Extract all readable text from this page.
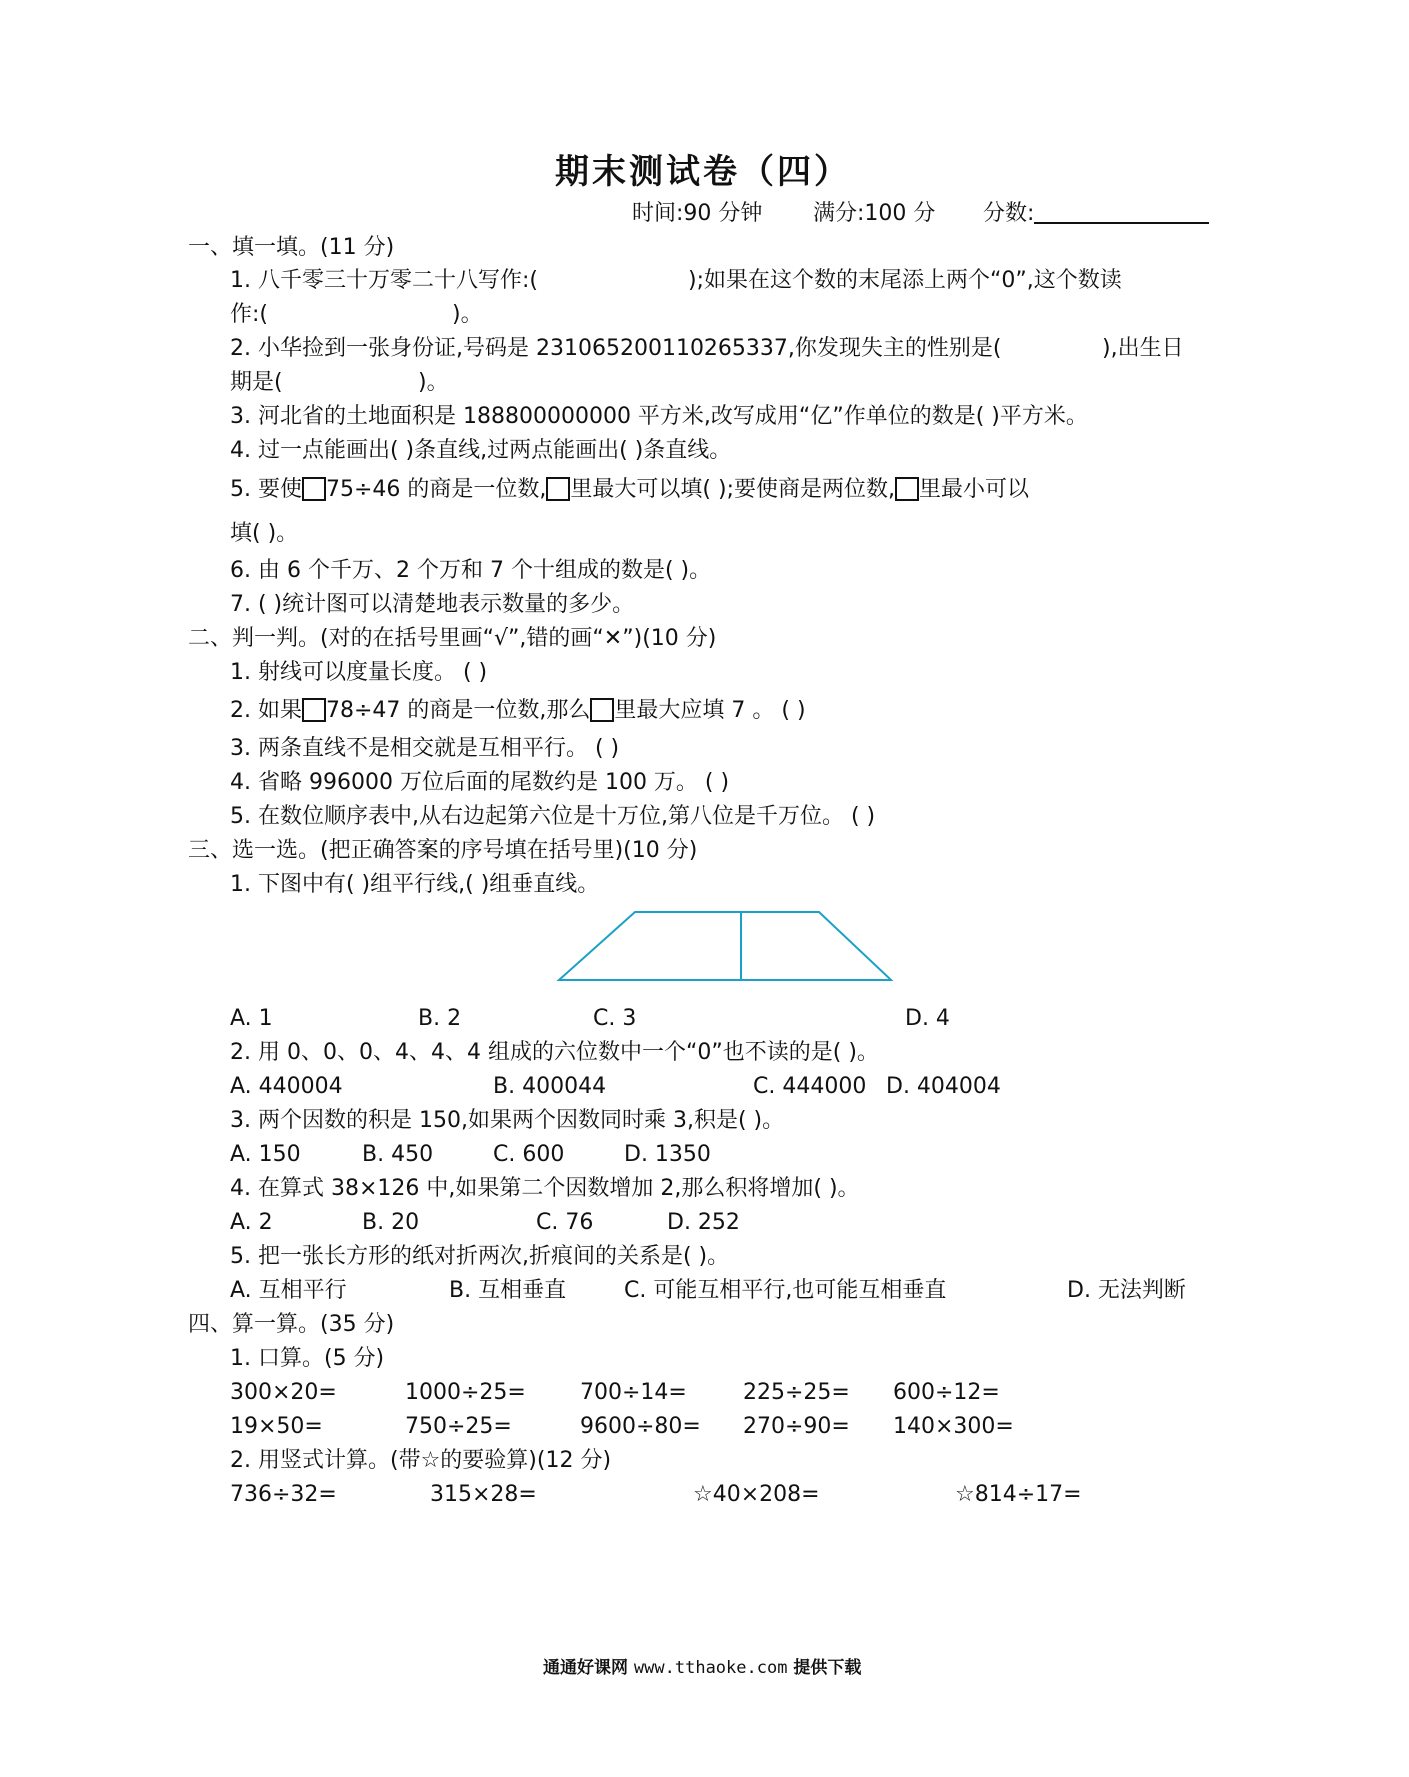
期末测试卷（四）
时间:90 分钟 满分:100 分 分数:
一、填一填。(11 分)
1. 八千零三十万零二十八写作:(	);如果在这个数的末尾添上两个“0”,这个数读
作:(	)。
2. 小华捡到一张身份证,号码是 231065200110265337,你发现失主的性别是(	),出生日
期是(	)。
3. 河北省的土地面积是 188800000000 平方米,改写成用“亿”作单位的数是( )平方米。
4. 过一点能画出( )条直线,过两点能画出( )条直线。
5. 要使 75÷46 的商是一位数, 里最大可以填( );要使商是两位数, 里最小可以
填( )。
6. 由 6 个千万、2 个万和 7 个十组成的数是( )。
7. ( )统计图可以清楚地表示数量的多少。
二、判一判。(对的在括号里画“√”,错的画“✕”)(10 分)
1. 射线可以度量长度。 ( )
2. 如果 78÷47 的商是一位数,那么 里最大应填 7 。 ( )
3. 两条直线不是相交就是互相平行。 ( )
4. 省略 996000 万位后面的尾数约是 100 万。 ( )
5. 在数位顺序表中,从右边起第六位是十万位,第八位是千万位。 ( )
三、选一选。(把正确答案的序号填在括号里)(10 分)
1. 下图中有( )组平行线,( )组垂直线。
A. 1	B. 2	C. 3	D. 4
2. 用 0、0、0、4、4、4 组成的六位数中一个“0”也不读的是( )。
A. 440004	B. 400044	C. 444000 D. 404004
3. 两个因数的积是 150,如果两个因数同时乘 3,积是( )。
A. 150	B. 450	C. 600	D. 1350
4. 在算式 38×126 中,如果第二个因数增加 2,那么积将增加( )。
A. 2	B. 20	C. 76	D. 252
5. 把一张长方形的纸对折两次,折痕间的关系是( )。
A. 互相平行	B. 互相垂直	C. 可能互相平行,也可能互相垂直	D. 无法判断
四、算一算。(35 分)
1. 口算。(5 分)
300×20=	1000÷25= 700÷14=	225÷25= 600÷12=
19×50=	750÷25=	9600÷80= 270÷90= 140×300=
2. 用竖式计算。(带☆的要验算)(12 分)
736÷32=	315×28=	☆40×208=	☆814÷17=
通通好课网 www.tthaoke.com 提供下载
